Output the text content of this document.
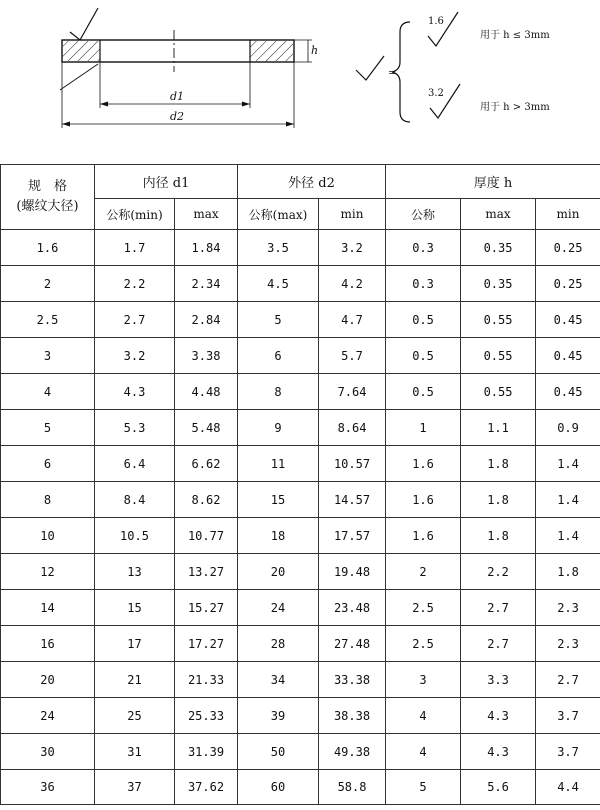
h
d1
d2
=
1.6
用于 h ≤ 3mm
3.2
用于 h > 3mm
规　格
(螺纹大径)	内径 d1		外径 d2		厚度 h		
	公称(min)	max	公称(max)	min	公称	max	min
1.6	1.7	1.84	3.5	3.2	0.3	0.35	0.25
2	2.2	2.34	4.5	4.2	0.3	0.35	0.25
2.5	2.7	2.84	5	4.7	0.5	0.55	0.45
3	3.2	3.38	6	5.7	0.5	0.55	0.45
4	4.3	4.48	8	7.64	0.5	0.55	0.45
5	5.3	5.48	9	8.64	1	1.1	0.9
6	6.4	6.62	11	10.57	1.6	1.8	1.4
8	8.4	8.62	15	14.57	1.6	1.8	1.4
10	10.5	10.77	18	17.57	1.6	1.8	1.4
12	13	13.27	20	19.48	2	2.2	1.8
14	15	15.27	24	23.48	2.5	2.7	2.3
16	17	17.27	28	27.48	2.5	2.7	2.3
20	21	21.33	34	33.38	3	3.3	2.7
24	25	25.33	39	38.38	4	4.3	3.7
30	31	31.39	50	49.38	4	4.3	3.7
36	37	37.62	60	58.8	5	5.6	4.4
